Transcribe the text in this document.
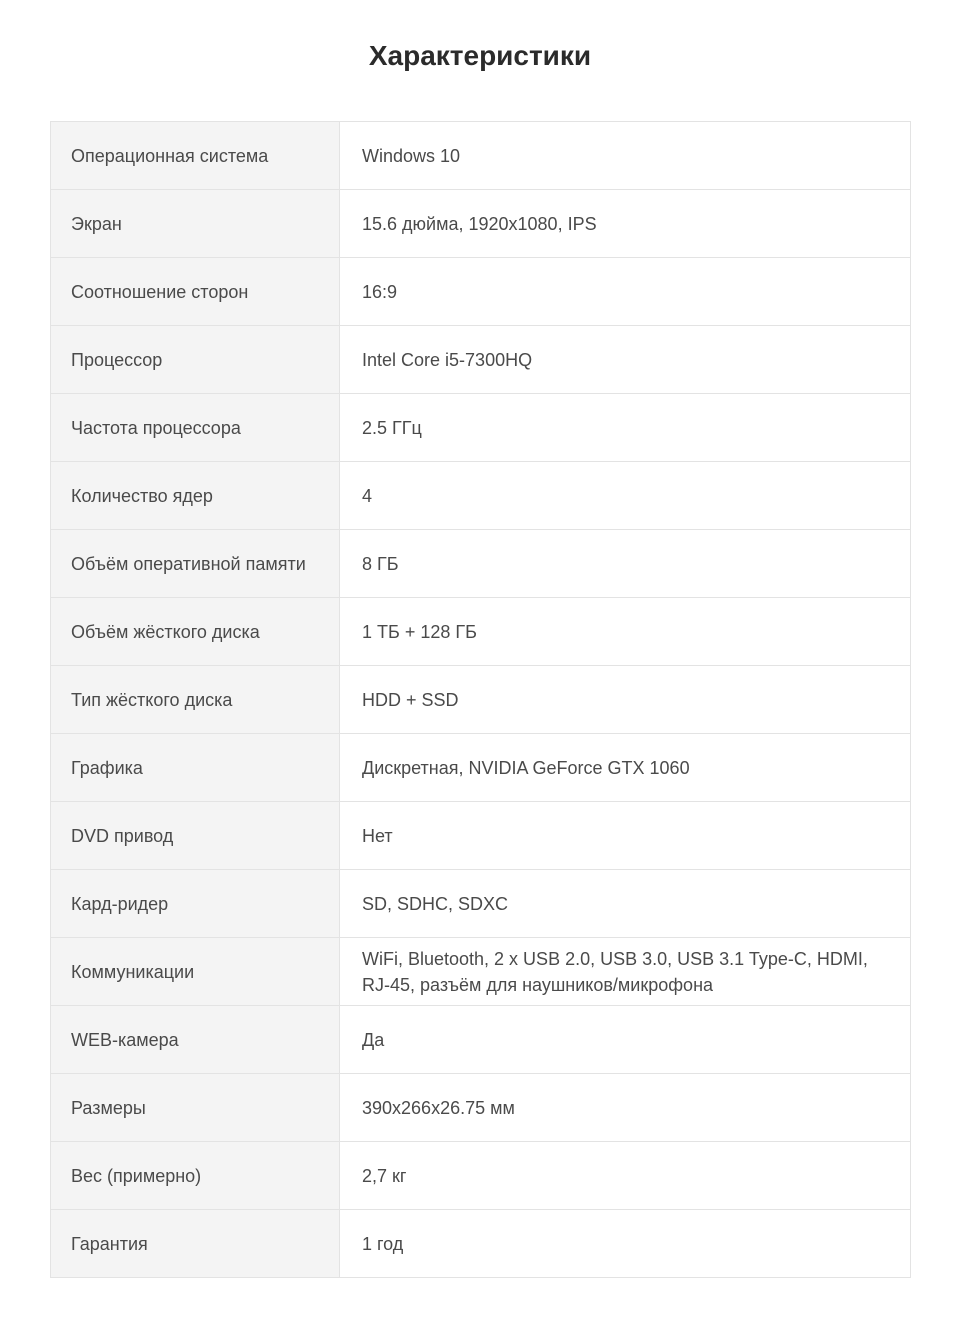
Характеристики
Операционная система	Windows 10
Экран	15.6 дюйма, 1920x1080, IPS
Соотношение сторон	16:9
Процессор	Intel Core i5-7300HQ
Частота процессора	2.5 ГГц
Количество ядер	4
Объём оперативной памяти	8 ГБ
Объём жёсткого диска	1 ТБ + 128 ГБ
Тип жёсткого диска	HDD + SSD
Графика	Дискретная, NVIDIA GeForce GTX 1060
DVD привод	Нет
Кард-ридер	SD, SDHC, SDXC
Коммуникации	WiFi, Bluetooth, 2 x USB 2.0, USB 3.0, USB 3.1 Type-C, HDMI, RJ-45, разъём для наушников/микрофона
WEB-камера	Да
Размеры	390x266x26.75 мм
Вес (примерно)	2,7 кг
Гарантия	1 год
